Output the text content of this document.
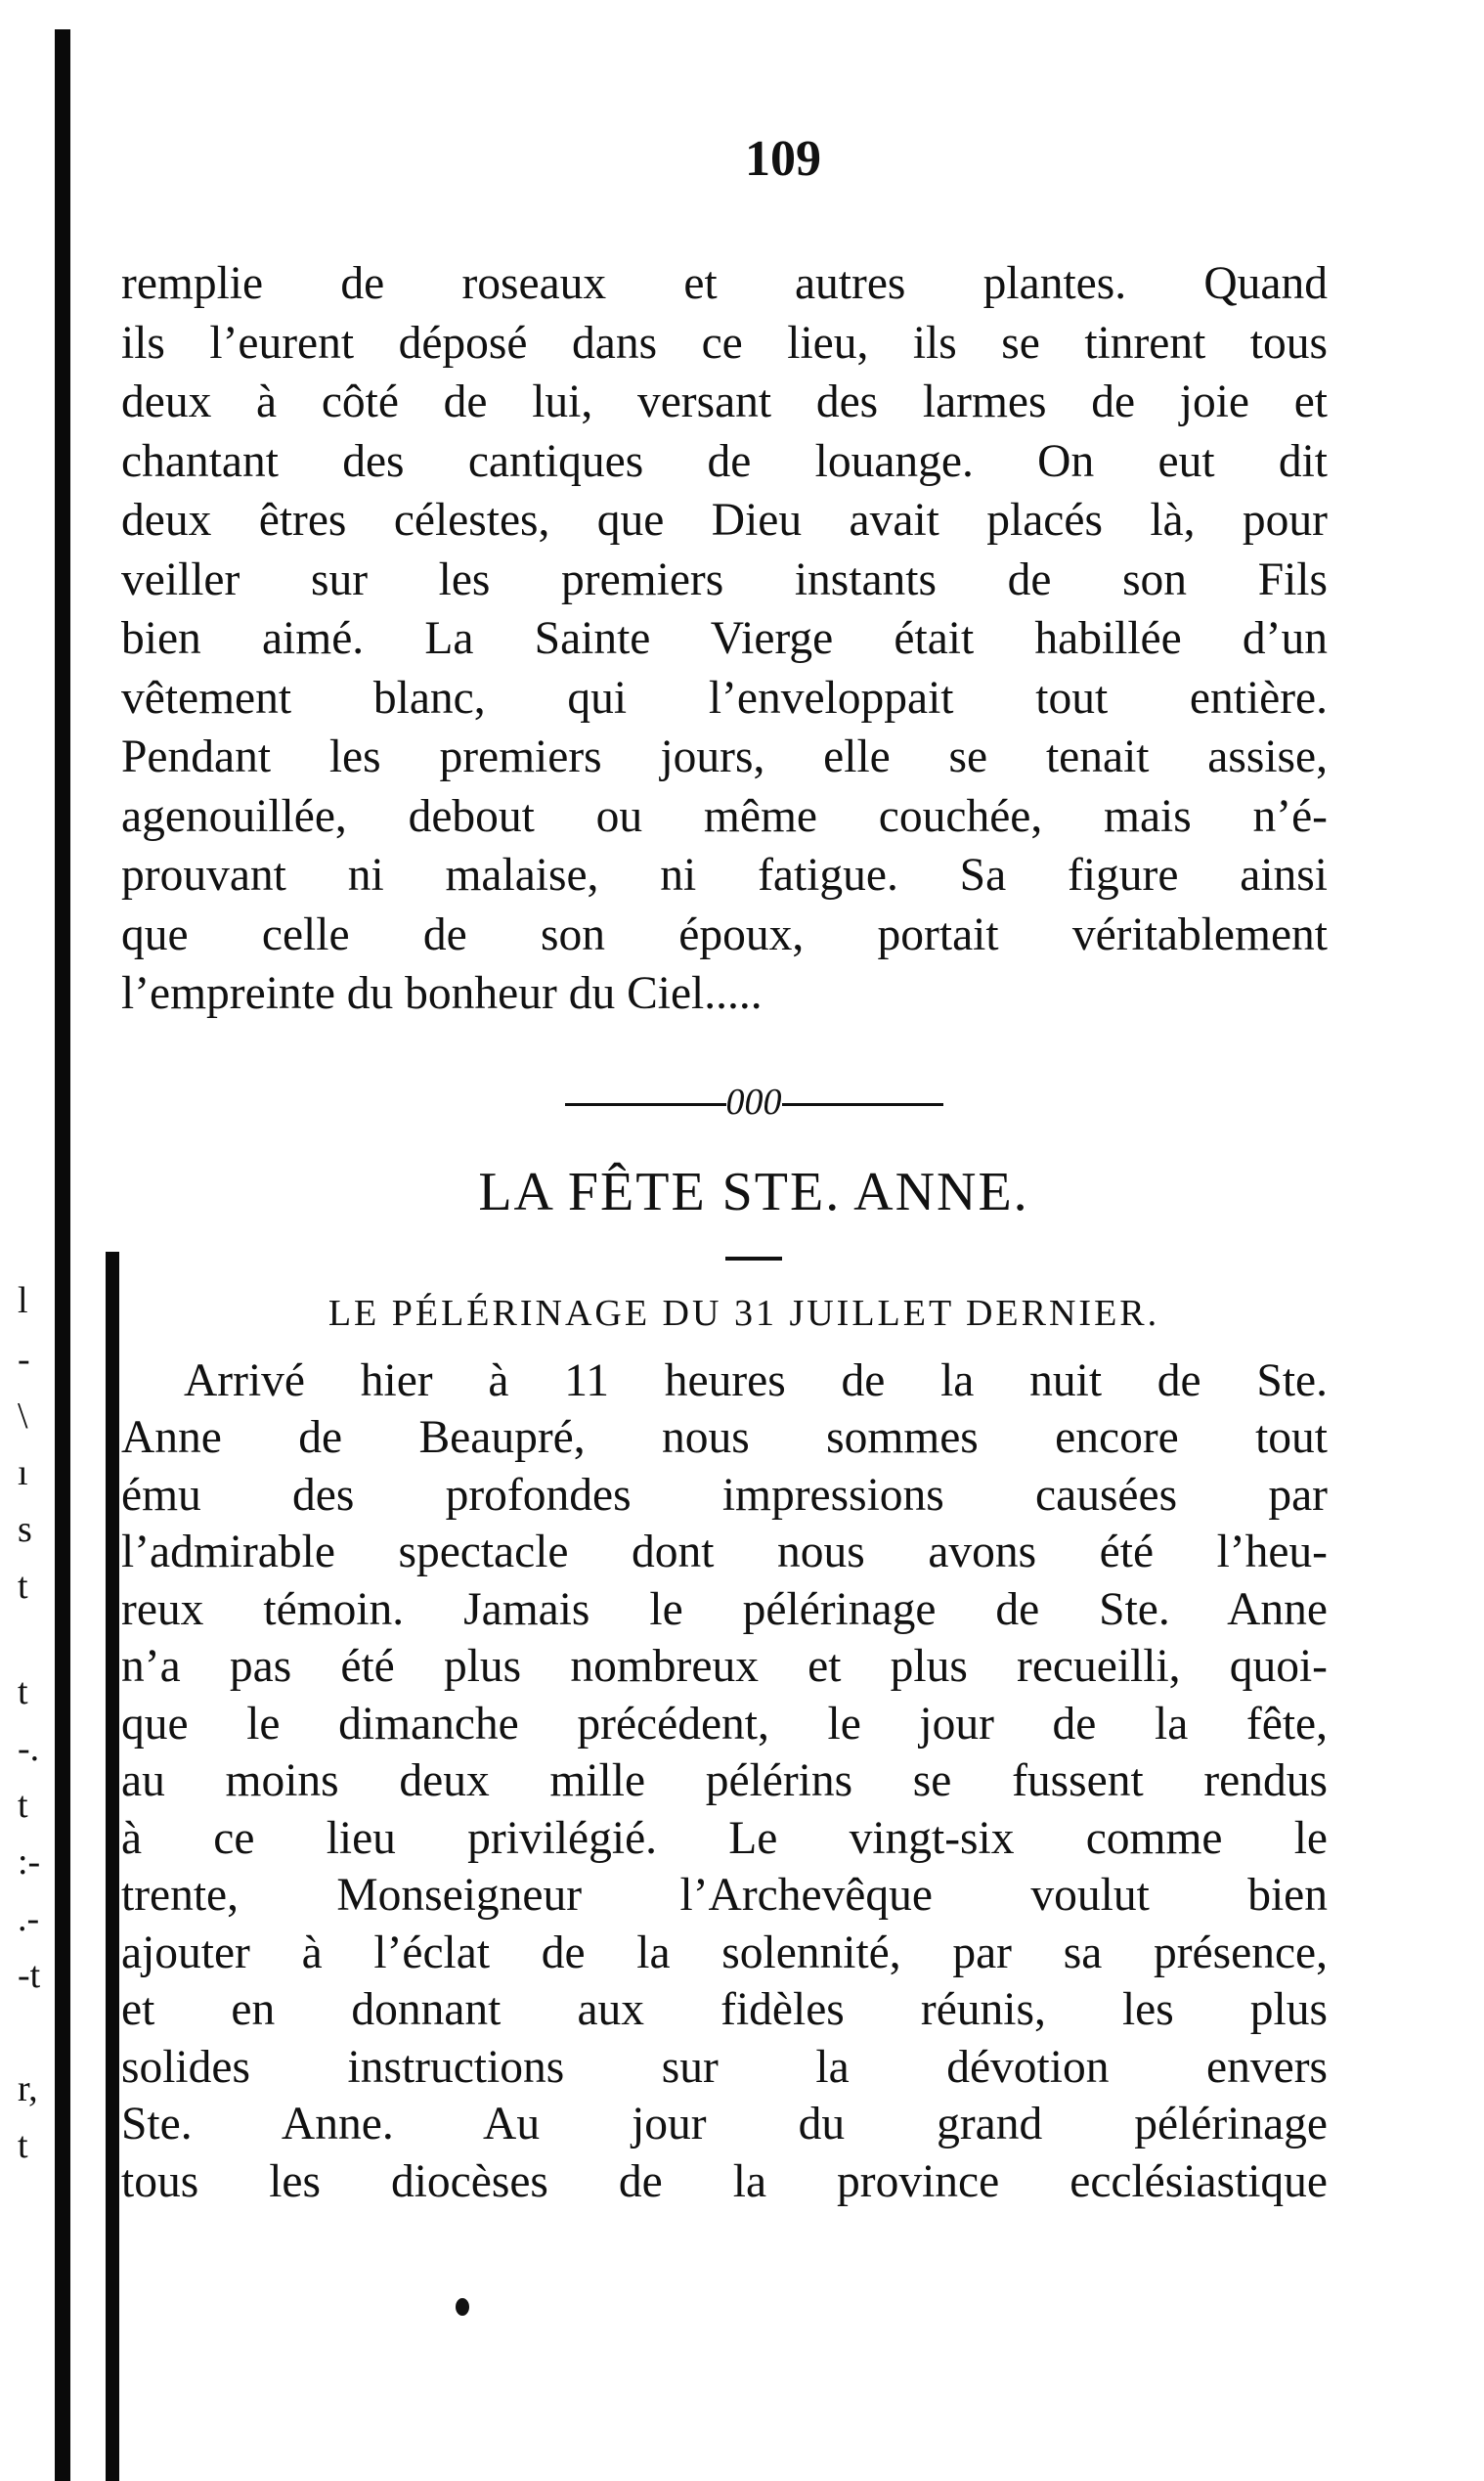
l
-
\
ı
s
t
t
-.
t
:-
.-
-t
r,
t
109
remplie de roseaux et autres plantes. Quand
ils l’eurent déposé dans ce lieu, ils se tinrent tous
deux à côté de lui, versant des larmes de joie et
chantant des cantiques de louange. On eut dit
deux êtres célestes, que Dieu avait placés là, pour
veiller sur les premiers instants de son Fils
bien aimé. La Sainte Vierge était habillée d’un
vêtement blanc, qui l’enveloppait tout entière.
Pendant les premiers jours, elle se tenait assise,
agenouillée, debout ou même couchée, mais n’é-
prouvant ni malaise, ni fatigue. Sa figure ainsi
que celle de son époux, portait véritablement
l’empreinte du bonheur du Ciel.....
000
LA FÊTE STE. ANNE.
LE PÉLÉRINAGE DU 31 JUILLET DERNIER.
Arrivé hier à 11 heures de la nuit de Ste.
Anne de Beaupré, nous sommes encore tout
ému des profondes impressions causées par
l’admirable spectacle dont nous avons été l’heu-
reux témoin. Jamais le pélérinage de Ste. Anne
n’a pas été plus nombreux et plus recueilli, quoi-
que le dimanche précédent, le jour de la fête,
au moins deux mille pélérins se fussent rendus
à ce lieu privilégié. Le vingt-six comme le
trente, Monseigneur l’Archevêque voulut bien
ajouter à l’éclat de la solennité, par sa présence,
et en donnant aux fidèles réunis, les plus
solides instructions sur la dévotion envers
Ste. Anne. Au jour du grand pélérinage
tous les diocèses de la province ecclésiastique
